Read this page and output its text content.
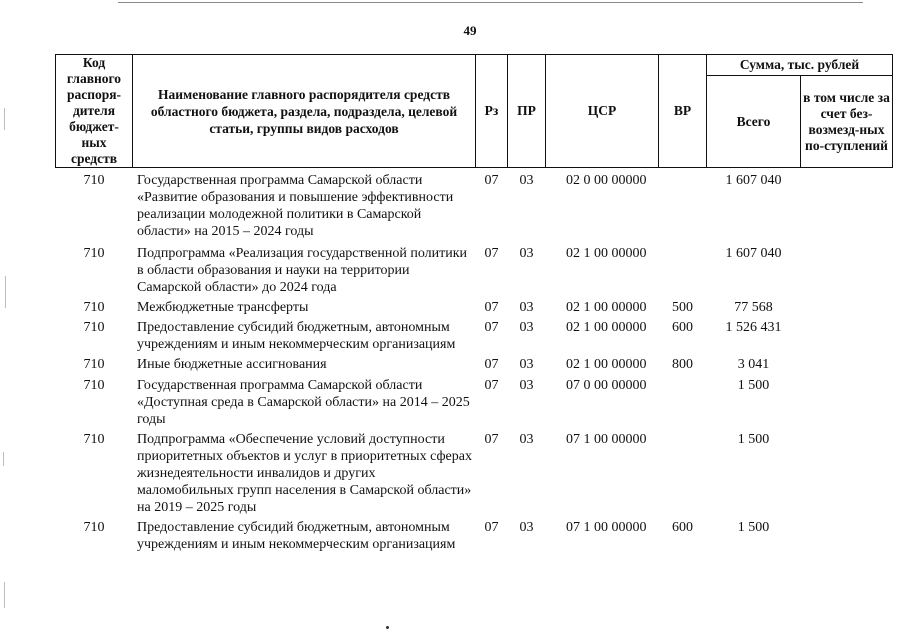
49
Код главного распоря-дителя бюджет-ных средств	Наименование главного распорядителя средств областного бюджета, раздела, подраздела, целевой статьи, группы видов расходов	Рз	ПР	ЦСР	ВР	Сумма, тыс. рублей	
						Всего	в том числе за счет без-возмезд-ных по-ступлений
710	Государственная программа Самарской области «Развитие образования и повышение эффективности реализации молодежной политики в Самарской области» на 2015 – 2024 годы	07	03	02 0 00 00000		1 607 040	
710	Подпрограмма «Реализация государственной политики в области образования и науки на территории Самарской области» до 2024 года	07	03	02 1 00 00000		1 607 040	
710	Межбюджетные трансферты	07	03	02 1 00 00000	500	77 568	
710	Предоставление субсидий бюджетным, автономным учреждениям и иным некоммерческим организациям	07	03	02 1 00 00000	600	1 526 431	
710	Иные бюджетные ассигнования	07	03	02 1 00 00000	800	3 041	
710	Государственная программа Самарской области «Доступная среда в Самарской области» на 2014 – 2025 годы	07	03	07 0 00 00000		1 500	
710	Подпрограмма «Обеспечение условий доступности приоритетных объектов и услуг в приоритетных сферах жизнедеятельности инвалидов и других маломобильных групп населения в Самарской области» на 2019 – 2025 годы	07	03	07 1 00 00000		1 500	
710	Предоставление субсидий бюджетным, автономным учреждениям и иным некоммерческим организациям	07	03	07 1 00 00000	600	1 500	
